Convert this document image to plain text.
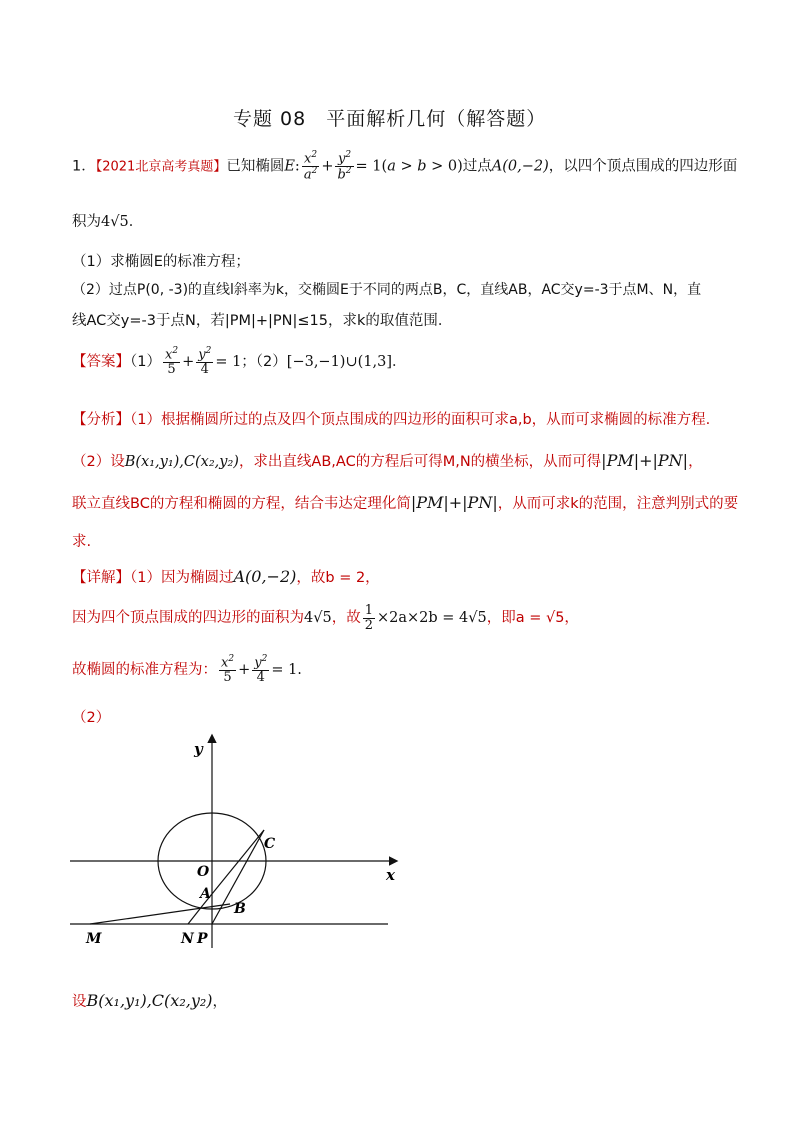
专题 08　平面解析几何（解答题）
1．【2021北京高考真题】已知椭圆E: $\frac{x^2}{a^2} + \frac{y^2}{b^2} = 1(a > b > 0)$过点A(0,−2)，以四个顶点围成的四边形面
积为4√5．
（1）求椭圆E的标准方程；
（2）过点P(0, -3)的直线l斜率为k，交椭圆E于不同的两点B，C，直线AB，AC交y=-3于点M、N，直
线AC交y=-3于点N，若|PM|+|PN|≤15，求k的取值范围．
【答案】$(1) \frac{x^2}{5} + \frac{y^2}{4} = 1$；（2）[−3,−1)∪(1,3]．
【分析】（1）根据椭圆所过的点及四个顶点围成的四边形的面积可求a,b，从而可求椭圆的标准方程.
（2）设B(x₁,y₁),C(x₂,y₂)，求出直线AB,AC的方程后可得M,N的横坐标，从而可得|PM|+|PN|，
联立直线BC的方程和椭圆的方程，结合韦达定理化简|PM|+|PN|，从而可求k的范围，注意判别式的要
求.
【详解】（1）因为椭圆过A(0,−2)，故b = 2，
因为四个顶点围成的四边形的面积为4√5，故 $\frac{1}{2} \times 2a\times 2b = 4√5$，即a = √5，
故椭圆的标准方程为： $\frac{x^2}{5} + \frac{y^2}{4} = 1$.
（2）
y
x
O
C
A
B
M	N P
设B(x₁,y₁),C(x₂,y₂)，
